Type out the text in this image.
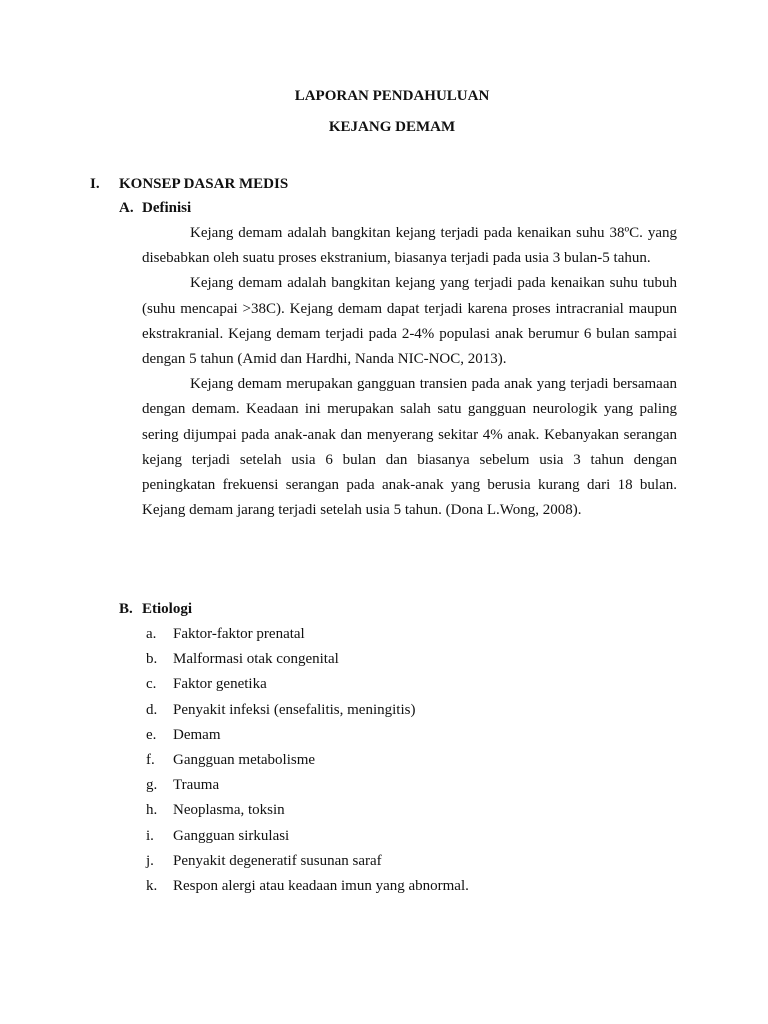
LAPORAN PENDAHULUAN
KEJANG DEMAM
I. KONSEP DASAR MEDIS
A. Definisi

Kejang demam adalah bangkitan kejang terjadi pada kenaikan suhu 38ºC. yang disebabkan oleh suatu proses ekstranium, biasanya terjadi pada usia 3 bulan-5 tahun.

Kejang demam adalah bangkitan kejang yang terjadi pada kenaikan suhu tubuh (suhu mencapai >38C). Kejang demam dapat terjadi karena proses intracranial maupun ekstrakranial. Kejang demam terjadi pada 2-4% populasi anak berumur 6 bulan sampai dengan 5 tahun (Amid dan Hardhi, Nanda NIC-NOC, 2013).

Kejang demam merupakan gangguan transien pada anak yang terjadi bersamaan dengan demam. Keadaan ini merupakan salah satu gangguan neurologik yang paling sering dijumpai pada anak-anak dan menyerang sekitar 4% anak. Kebanyakan serangan kejang terjadi setelah usia 6 bulan dan biasanya sebelum usia 3 tahun dengan peningkatan frekuensi serangan pada anak-anak yang berusia kurang dari 18 bulan. Kejang demam jarang terjadi setelah usia 5 tahun. (Dona L.Wong, 2008).

B. Etiologi
a. Faktor-faktor prenatal
b. Malformasi otak congenital
c. Faktor genetika
d. Penyakit infeksi (ensefalitis, meningitis)
e. Demam
f. Gangguan metabolisme
g. Trauma
h. Neoplasma, toksin
i. Gangguan sirkulasi
j. Penyakit degeneratif susunan saraf
k. Respon alergi atau keadaan imun yang abnormal.
